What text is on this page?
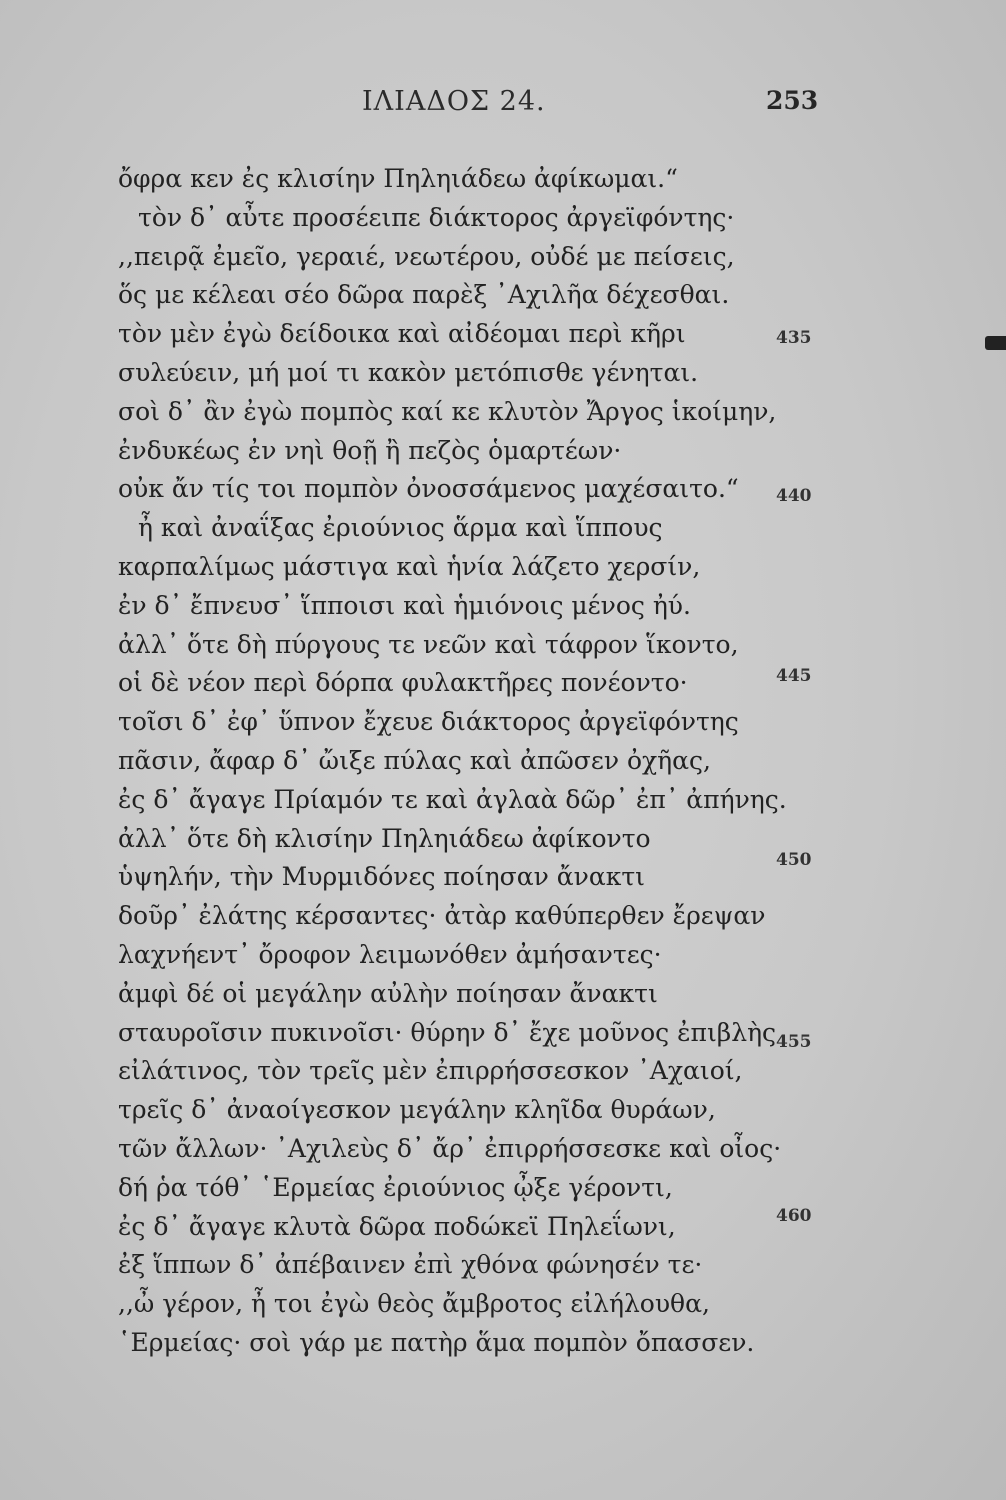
ΙΛΙΑΔΟΣ 24.	253
ὄφρα κεν ἐς κλισίην Πηληιάδεω ἀφίκωμαι.“
τὸν δ᾽ αὖτε προσέειπε διάκτορος ἀργεϊφόντης·
,,πειρᾷ ἐμεῖο, γεραιέ, νεωτέρου, οὐδέ με πείσεις,
ὅς με κέλεαι σέο δῶρα παρὲξ ᾿Αχιλῆα δέχεσθαι.
τὸν μὲν ἐγὼ δείδοικα καὶ αἰδέομαι περὶ κῆρι
συλεύειν, μή μοί τι κακὸν μετόπισθε γένηται.
σοὶ δ᾽ ἂν ἐγὼ πομπὸς καί κε κλυτὸν Ἄργος ἱκοίμην,
ἐνδυκέως ἐν νηὶ θοῇ ἢ πεζὸς ὁμαρτέων·
οὐκ ἄν τίς τοι πομπὸν ὀνοσσάμενος μαχέσαιτο.“
ἦ καὶ ἀναΐξας ἐριούνιος ἅρμα καὶ ἵππους
καρπαλίμως μάστιγα καὶ ἡνία λάζετο χερσίν,
ἐν δ᾽ ἔπνευσ᾽ ἵπποισι καὶ ἡμιόνοις μένος ἠύ.
ἀλλ᾽ ὅτε δὴ πύργους τε νεῶν καὶ τάφρον ἵκοντο,
οἱ δὲ νέον περὶ δόρπα φυλακτῆρες πονέοντο·
τοῖσι δ᾽ ἐφ᾽ ὕπνον ἔχευε διάκτορος ἀργεϊφόντης
πᾶσιν, ἄφαρ δ᾽ ὤιξε πύλας καὶ ἀπῶσεν ὀχῆας,
ἐς δ᾽ ἄγαγε Πρίαμόν τε καὶ ἀγλαὰ δῶρ᾽ ἐπ᾽ ἀπήνης.
ἀλλ᾽ ὅτε δὴ κλισίην Πηληιάδεω ἀφίκοντο
ὑψηλήν, τὴν Μυρμιδόνες ποίησαν ἄνακτι
δοῦρ᾽ ἐλάτης κέρσαντες· ἀτὰρ καθύπερθεν ἔρεψαν
λαχνήεντ᾽ ὄροφον λειμωνόθεν ἀμήσαντες·
ἀμφὶ δέ οἱ μεγάλην αὐλὴν ποίησαν ἄνακτι
σταυροῖσιν πυκινοῖσι· θύρην δ᾽ ἔχε μοῦνος ἐπιβλὴς
εἰλάτινος, τὸν τρεῖς μὲν ἐπιρρήσσεσκον ᾿Αχαιοί,
τρεῖς δ᾽ ἀναοίγεσκον μεγάλην κληῖδα θυράων,
τῶν ἄλλων· ᾿Αχιλεὺς δ᾽ ἄρ᾽ ἐπιρρήσσεσκε καὶ οἶος·
δή ῥα τόθ᾽ ῾Ερμείας ἐριούνιος ᾦξε γέροντι,
ἐς δ᾽ ἄγαγε κλυτὰ δῶρα ποδώκεϊ Πηλεΐωνι,
ἐξ ἵππων δ᾽ ἀπέβαινεν ἐπὶ χθόνα φώνησέν τε·
,,ὦ γέρον, ἦ τοι ἐγὼ θεὸς ἄμβροτος εἰλήλουθα,
῾Ερμείας· σοὶ γάρ με πατὴρ ἅμα πομπὸν ὄπασσεν.
435
440
445
450
455
460
